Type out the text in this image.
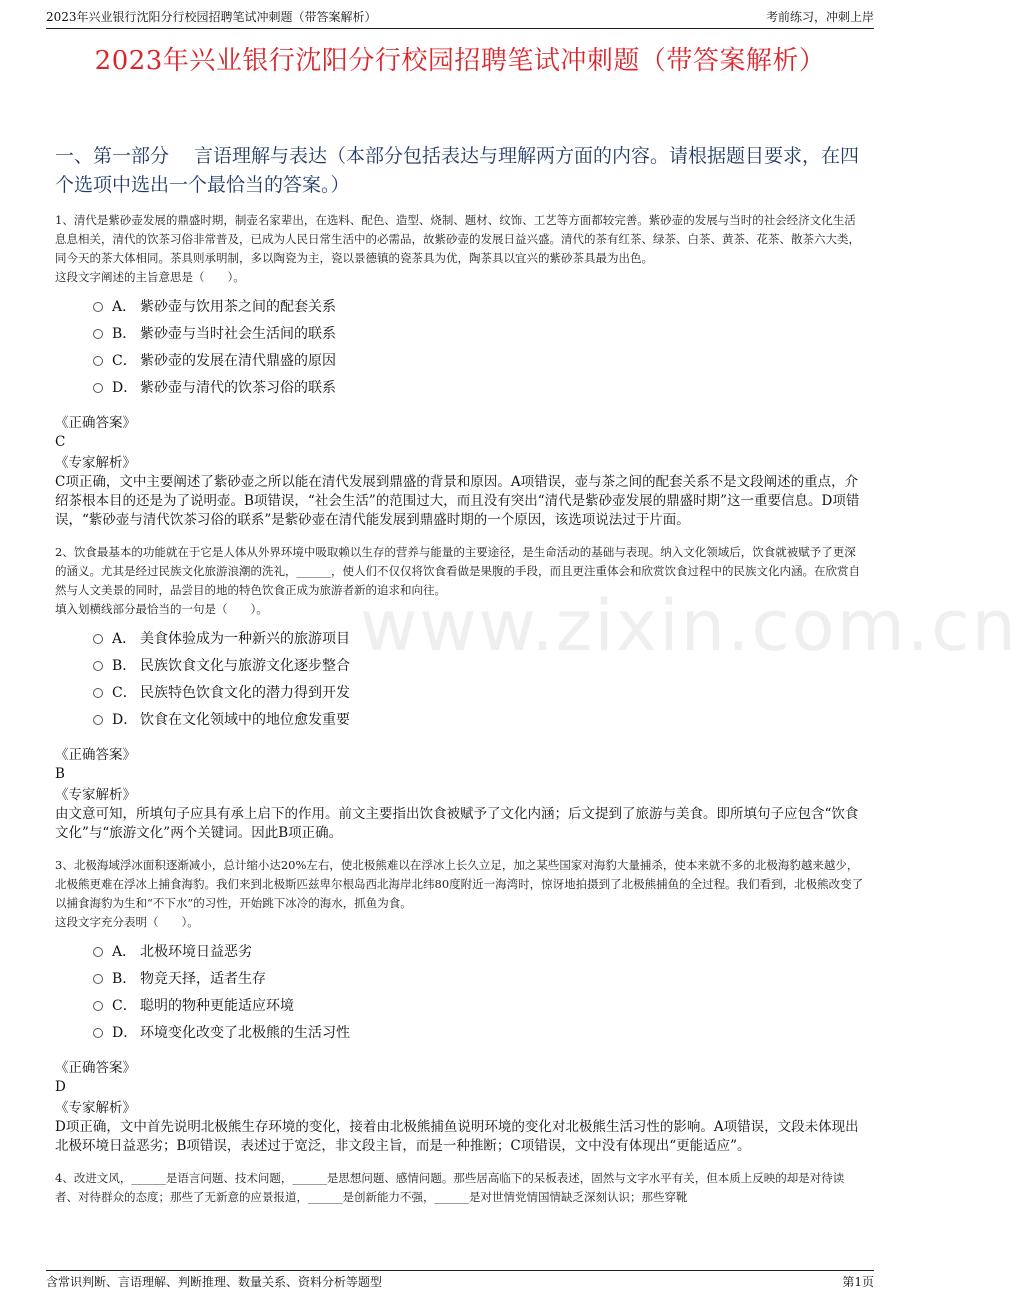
2023年兴业银行沈阳分行校园招聘笔试冲刺题（带答案解析）	考前练习，冲刺上岸
2023年兴业银行沈阳分行校园招聘笔试冲刺题（带答案解析）
一、第一部分　 言语理解与表达（本部分包括表达与理解两方面的内容。请根据题目要求，在四个选项中选出一个最恰当的答案。）
www.zixin.com.cn

1、清代是紫砂壶发展的鼎盛时期，制壶名家辈出，在选料、配色、造型、烧制、题材、纹饰、工艺等方面都较完善。紫砂壶的发展与当时的社会经济文化生活息息相关，清代的饮茶习俗非常普及，已成为人民日常生活中的必需品，故紫砂壶的发展日益兴盛。清代的茶有红茶、绿茶、白茶、黄茶、花茶、散茶六大类，同今天的茶大体相同。茶具则承明制，多以陶瓷为主，瓷以景德镇的瓷茶具为优，陶茶具以宜兴的紫砂茶具最为出色。

这段文字阐述的主旨意思是（　　）。

A． 紫砂壶与饮用茶之间的配套关系
B． 紫砂壶与当时社会生活间的联系
C． 紫砂壶的发展在清代鼎盛的原因
D． 紫砂壶与清代的饮茶习俗的联系
《正确答案》
C
《专家解析》

C项正确，文中主要阐述了紫砂壶之所以能在清代发展到鼎盛的背景和原因。A项错误，壶与茶之间的配套关系不是文段阐述的重点，介绍茶根本目的还是为了说明壶。B项错误，“社会生活”的范围过大，而且没有突出“清代是紫砂壶发展的鼎盛时期”这一重要信息。D项错误，“紫砂壶与清代饮茶习俗的联系”是紫砂壶在清代能发展到鼎盛时期的一个原因，该选项说法过于片面。

2、饮食最基本的功能就在于它是人体从外界环境中吸取赖以生存的营养与能量的主要途径，是生命活动的基础与表现。纳入文化领域后，饮食就被赋予了更深的涵义。尤其是经过民族文化旅游浪潮的洗礼，______，使人们不仅仅将饮食看做是果腹的手段，而且更注重体会和欣赏饮食过程中的民族文化内涵。在欣赏自然与人文美景的同时，品尝目的地的特色饮食正成为旅游者新的追求和向往。

填入划横线部分最恰当的一句是（　　）。

A． 美食体验成为一种新兴的旅游项目
B． 民族饮食文化与旅游文化逐步整合
C． 民族特色饮食文化的潜力得到开发
D． 饮食在文化领域中的地位愈发重要
《正确答案》
B
《专家解析》

由文意可知，所填句子应具有承上启下的作用。前文主要指出饮食被赋予了文化内涵；后文提到了旅游与美食。即所填句子应包含“饮食文化”与“旅游文化”两个关键词。因此B项正确。

3、北极海域浮冰面积逐渐减小，总计缩小达20%左右，使北极熊难以在浮冰上长久立足，加之某些国家对海豹大量捕杀，使本来就不多的北极海豹越来越少，北极熊更难在浮冰上捕食海豹。我们来到北极斯匹兹卑尔根岛西北海岸北纬80度附近一海湾时，惊讶地拍摄到了北极熊捕鱼的全过程。我们看到，北极熊改变了以捕食海豹为生和“不下水”的习性，开始跳下冰冷的海水，抓鱼为食。

这段文字充分表明（　　）。

A． 北极环境日益恶劣
B． 物竞天择，适者生存
C． 聪明的物种更能适应环境
D． 环境变化改变了北极熊的生活习性
《正确答案》
D
《专家解析》

D项正确，文中首先说明北极熊生存环境的变化，接着由北极熊捕鱼说明环境的变化对北极熊生活习性的影响。A项错误，文段未体现出北极环境日益恶劣；B项错误，表述过于宽泛，非文段主旨，而是一种推断；C项错误，文中没有体现出“更能适应”。

4、改进文风，______是语言问题、技术问题，______是思想问题、感情问题。那些居高临下的呆板表述，固然与文字水平有关，但本质上反映的却是对待读者、对待群众的态度；那些了无新意的应景报道，______是创新能力不强，______是对世情党情国情缺乏深刻认识；那些穿靴

含常识判断、言语理解、判断推理、数量关系、资料分析等题型	第1页
